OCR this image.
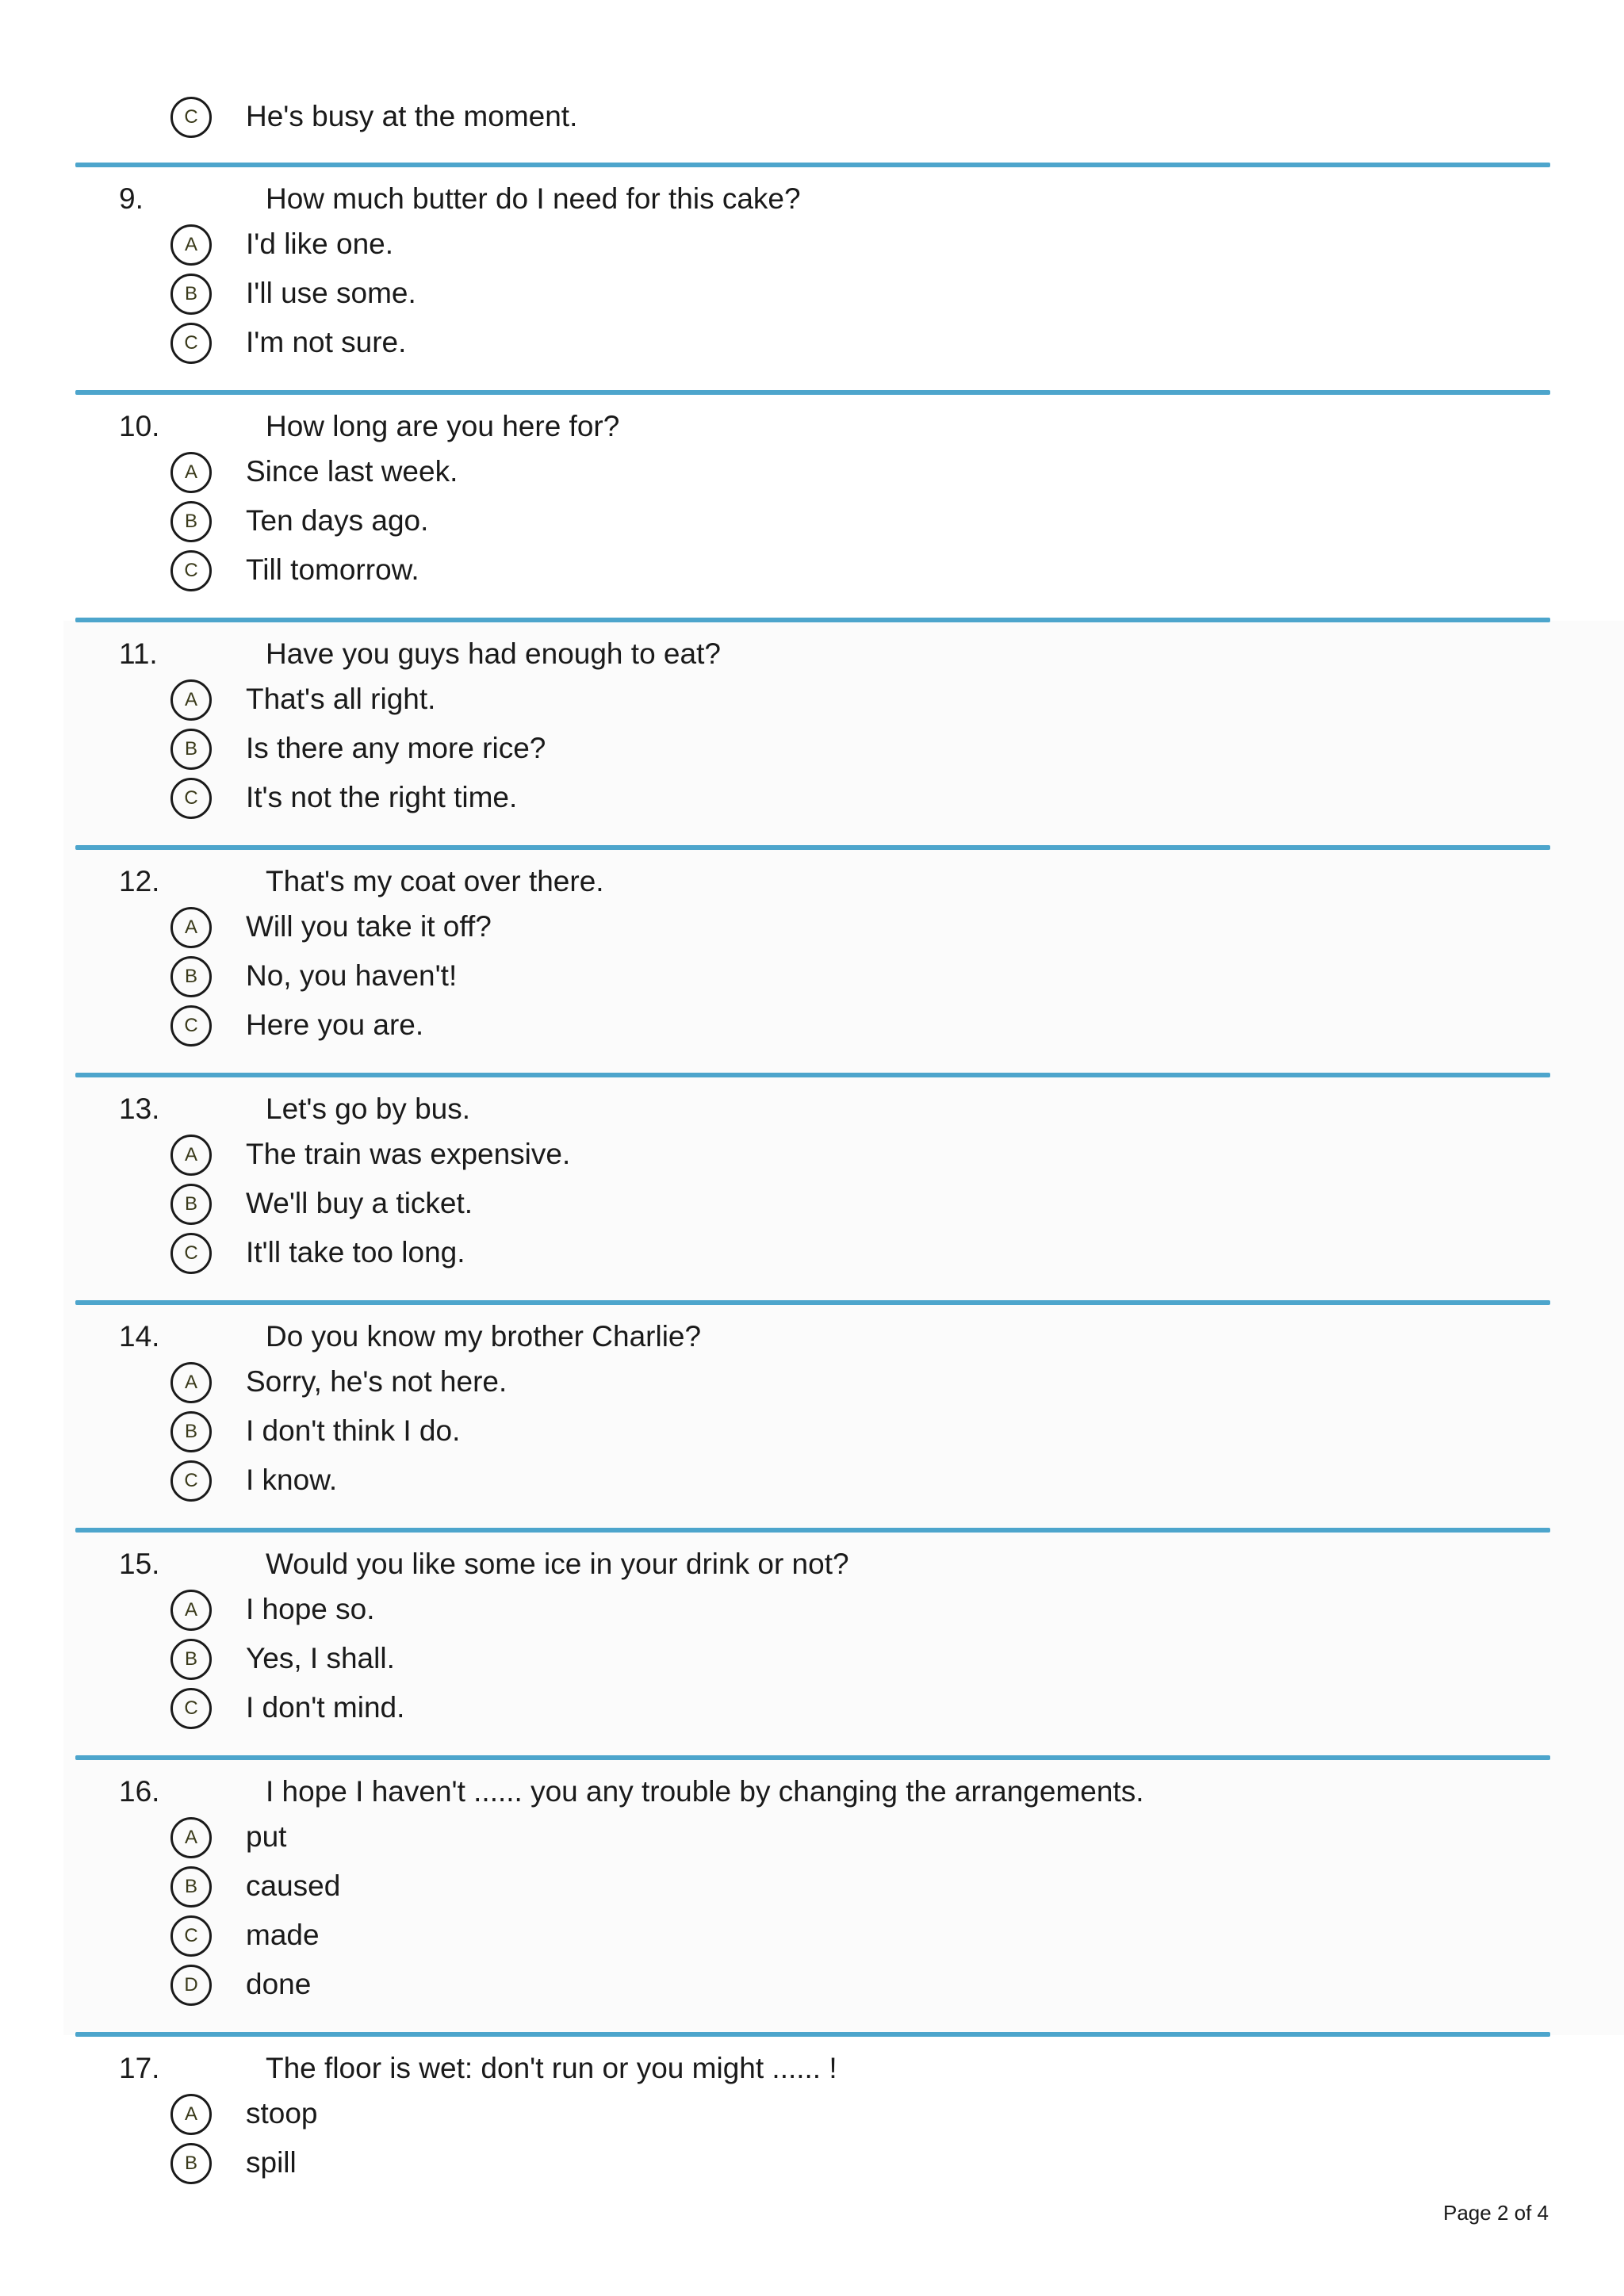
C	He's busy at the moment.
9.	How much butter do I need for this cake?
A	I'd like one.
B	I'll use some.
C	I'm not sure.
10.	How long are you here for?
A	Since last week.
B	Ten days ago.
C	Till tomorrow.
11.	Have you guys had enough to eat?
A	That's all right.
B	Is there any more rice?
C	It's not the right time.
12.	That's my coat over there.
A	Will you take it off?
B	No, you haven't!
C	Here you are.
13.	Let's go by bus.
A	The train was expensive.
B	We'll buy a ticket.
C	It'll take too long.
14.	Do you know my brother Charlie?
A	Sorry, he's not here.
B	I don't think I do.
C	I know.
15.	Would you like some ice in your drink or not?
A	I hope so.
B	Yes, I shall.
C	I don't mind.
16.	I hope I haven't ...... you any trouble by changing the arrangements.
A	put
B	caused
C	made
D	done
17.	The floor is wet: don't run or you might ...... !
A	stoop
B	spill
Page 2 of 4
